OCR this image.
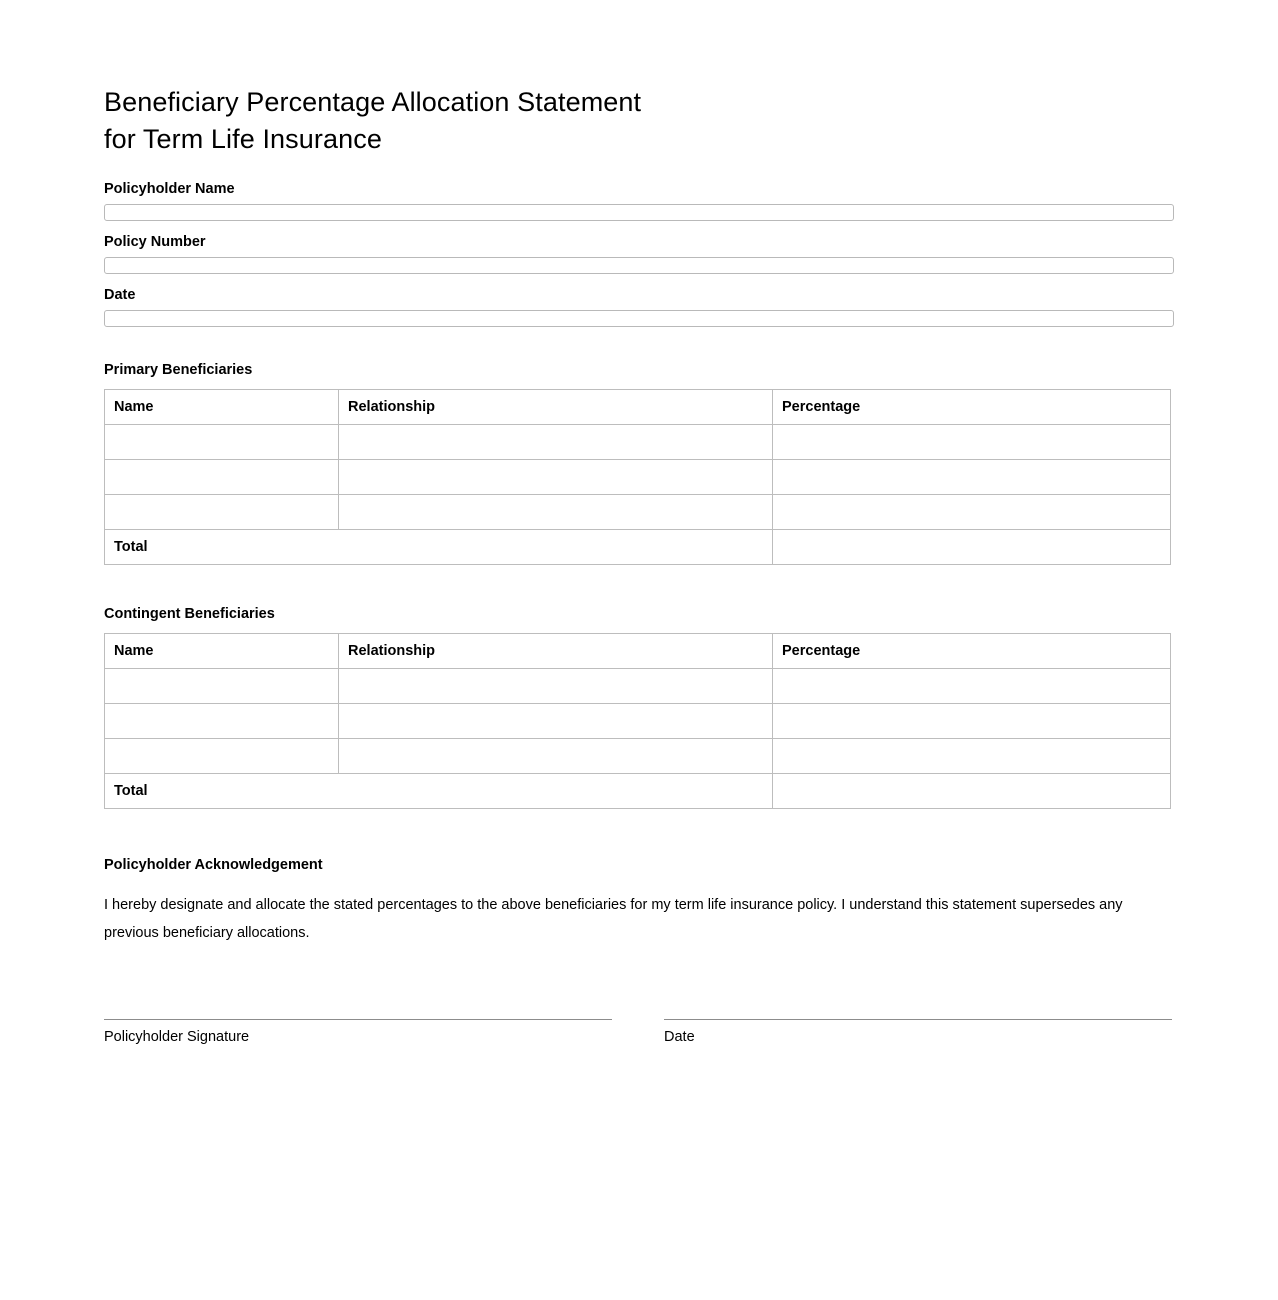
Beneficiary Percentage Allocation Statement
for Term Life Insurance
Policyholder Name
Policy Number
Date
Primary Beneficiaries
Name	Relationship	Percentage

Total		
Contingent Beneficiaries
Name	Relationship	Percentage

Total		
Policyholder Acknowledgement

I hereby designate and allocate the stated percentages to the above beneficiaries for my term life insurance policy. I understand this statement supersedes any previous beneficiary allocations.

Policyholder Signature	Date
